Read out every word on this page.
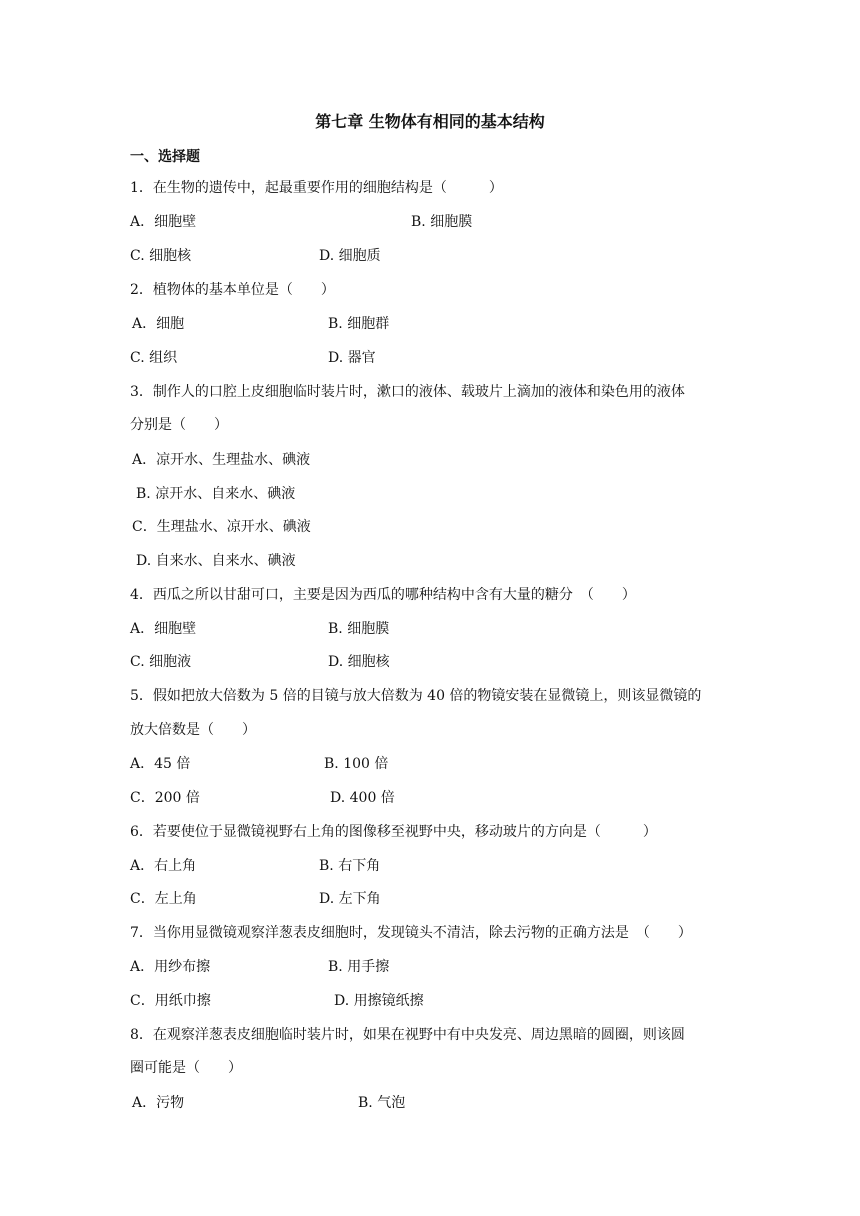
第七章 生物体有相同的基本结构
一、选择题
1．在生物的遗传中，起最重要作用的细胞结构是（　　　）
A．细胞壁	B. 细胞膜
C. 细胞核	D. 细胞质
2．植物体的基本单位是（　　）
A．细胞	B. 细胞群
C. 组织	D. 器官
3．制作人的口腔上皮细胞临时装片时，漱口的液体、载玻片上滴加的液体和染色用的液体
分别是（　　）
A．凉开水、生理盐水、碘液
B. 凉开水、自来水、碘液
C．生理盐水、凉开水、碘液
D. 自来水、自来水、碘液
4．西瓜之所以甘甜可口，主要是因为西瓜的哪种结构中含有大量的糖分　（　　）
A．细胞壁	B. 细胞膜
C. 细胞液	D. 细胞核
5．假如把放大倍数为 5 倍的目镜与放大倍数为 40 倍的物镜安装在显微镜上，则该显微镜的
放大倍数是（　　）
A．45 倍	B. 100 倍
C．200 倍	D. 400 倍
6．若要使位于显微镜视野右上角的图像移至视野中央，移动玻片的方向是（　　　）
A．右上角	B. 右下角
C．左上角	D. 左下角
7．当你用显微镜观察洋葱表皮细胞时，发现镜头不清洁，除去污物的正确方法是　（　　）
A．用纱布擦	B. 用手擦
C．用纸巾擦	D. 用擦镜纸擦
8．在观察洋葱表皮细胞临时装片时，如果在视野中有中央发亮、周边黑暗的圆圈，则该圆
圈可能是（　　）
A．污物	B. 气泡
